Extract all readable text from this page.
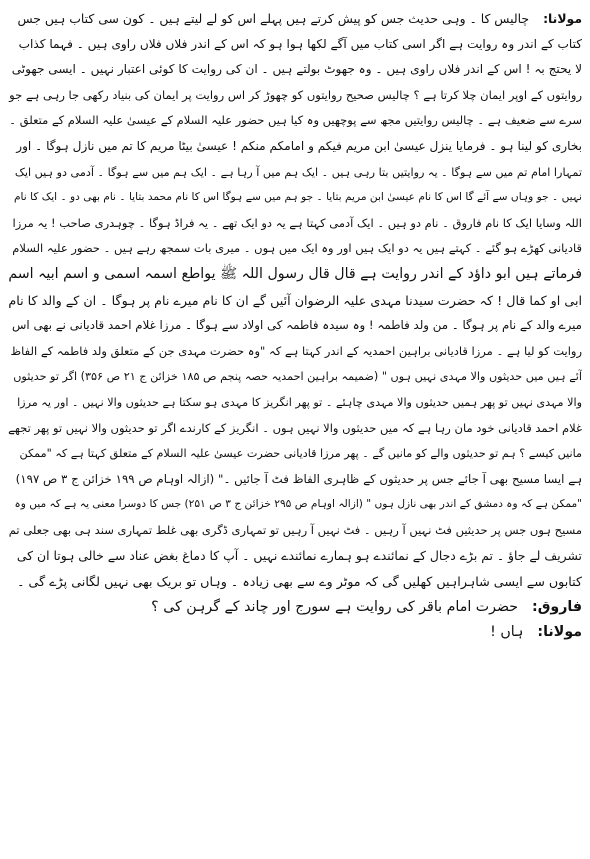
مولانا:چالیس کا ۔ وہی حدیث جس کو پیش کرتے ہیں پہلے اس کو لے لیتے ہیں ۔ کون سی کتاب ہیں جس
کتاب کے اندر وہ روایت ہے اگر اسی کتاب میں آگے لکھا ہوا ہو کہ اس کے اندر فلاں فلاں راوی ہیں ۔ فہما کذاب
لا یحتج بہ ! اس کے اندر فلاں راوی ہیں ۔ وہ جھوٹ بولتے ہیں ۔ ان کی روایت کا کوئی اعتبار نہیں ۔ ایسی جھوٹی
روایتوں کے اوپر ایمان چلا کرتا ہے ؟ چالیس صحیح روایتوں کو چھوڑ کر اس روایت پر ایمان کی بنیاد رکھی جا رہی ہے جو
سرے سے ضعیف ہے ۔ چالیس روایتیں مجھ سے پوچھیں وہ کیا ہیں حضور علیہ السلام کے عیسیٰ علیہ السلام کے متعلق ۔
بخاری کو لینا ہو ۔ فرمایا ینزل عیسیٰ ابن مریم فیکم و امامکم منکم ! عیسیٰ بیٹا مریم کا تم میں نازل ہوگا ۔ اور
تمہارا امام تم میں سے ہوگا ۔ یہ روایتیں بتا رہی ہیں ۔ ایک ہم میں آ رہا ہے ۔ ایک ہم میں سے ہوگا ۔ آدمی دو ہیں ایک
نہیں ۔ جو وہاں سے آئے گا اس کا نام عیسیٰ ابن مریم بتایا ۔ جو ہم میں سے ہوگا اس کا نام محمد بتایا ۔ نام بھی دو ۔ ایک کا نام
اللہ وسایا ایک کا نام فاروق ۔ نام دو ہیں ۔ ایک آدمی کہتا ہے یہ دو ایک تھے ۔ یہ فراڈ ہوگا ۔ چوہدری صاحب ! یہ مرزا
قادیانی کھڑے ہو گئے ۔ کہتے ہیں یہ دو ایک ہیں اور وہ ایک میں ہوں ۔ میری بات سمجھ رہے ہیں ۔ حضور علیہ السلام
فرماتے ہیں ابو داؤد کے اندر روایت ہے قال قال رسول اللہ ﷺ یواطع اسمہ اسمی و اسم ابیہ اسم
ابی او کما قال ! کہ حضرت سیدنا مہدی علیہ الرضوان آئیں گے ان کا نام میرے نام پر ہوگا ۔ ان کے والد کا نام
میرے والد کے نام پر ہوگا ۔ من ولد فاطمہ ! وہ سیدہ فاطمہ کی اولاد سے ہوگا ۔ مرزا غلام احمد قادیانی نے بھی اس
روایت کو لیا ہے ۔ مرزا قادیانی براہین احمدیہ کے اندر کہتا ہے کہ "وہ حضرت مہدی جن کے متعلق ولد فاطمہ کے الفاظ
آئے ہیں میں حدیثوں والا مہدی نہیں ہوں " (ضمیمہ براہین احمدیہ حصہ پنجم ص ۱۸۵ خزائن ج ۲۱ ص ۳۵۶) اگر تو حدیثوں
والا مہدی نہیں تو پھر ہمیں حدیثوں والا مہدی چاہئے ۔ تو پھر انگریز کا مہدی ہو سکتا ہے حدیثوں والا نہیں ۔ اور یہ مرزا
غلام احمد قادیانی خود مان رہا ہے کہ میں حدیثوں والا نہیں ہوں ۔ انگریز کے کارندے اگر تو حدیثوں والا نہیں تو پھر تجھے
مانیں کیسے ؟ ہم تو حدیثوں والے کو مانیں گے ۔ پھر مرزا قادیانی حضرت عیسیٰ علیہ السلام کے متعلق کہتا ہے کہ "ممکن
ہے ایسا مسیح بھی آ جائے جس پر حدیثوں کے ظاہری الفاظ فٹ آ جائیں ۔" (ازالہ اوہام ص ۱۹۹ خزائن ج ۳ ص ۱۹۷)
"ممکن ہے کہ وہ دمشق کے اندر بھی نازل ہوں " (ازالہ اوہام ص ۲۹۵ خزائن ج ۳ ص ۲۵۱) جس کا دوسرا معنی یہ ہے کہ میں وہ
مسیح ہوں جس پر حدیثیں فٹ نہیں آ رہیں ۔ فٹ نہیں آ رہیں تو تمہاری ڈگری بھی غلط تمہاری سند ہی بھی جعلی تم
تشریف لے جاؤ ۔ تم بڑے دجال کے نمائندے ہو ہمارے نمائندے نہیں ۔ آپ کا دماغ بغض عناد سے خالی ہوتا ان کی
کتابوں سے ایسی شاہراہیں کھلیں گی کہ موٹر وے سے بھی زیادہ ۔ وہاں تو بریک بھی نہیں لگانی پڑے گی ۔
فاروق:حضرت امام باقر کی روایت ہے سورج اور چاند کے گرہن کی ؟
مولانا:ہاں !
